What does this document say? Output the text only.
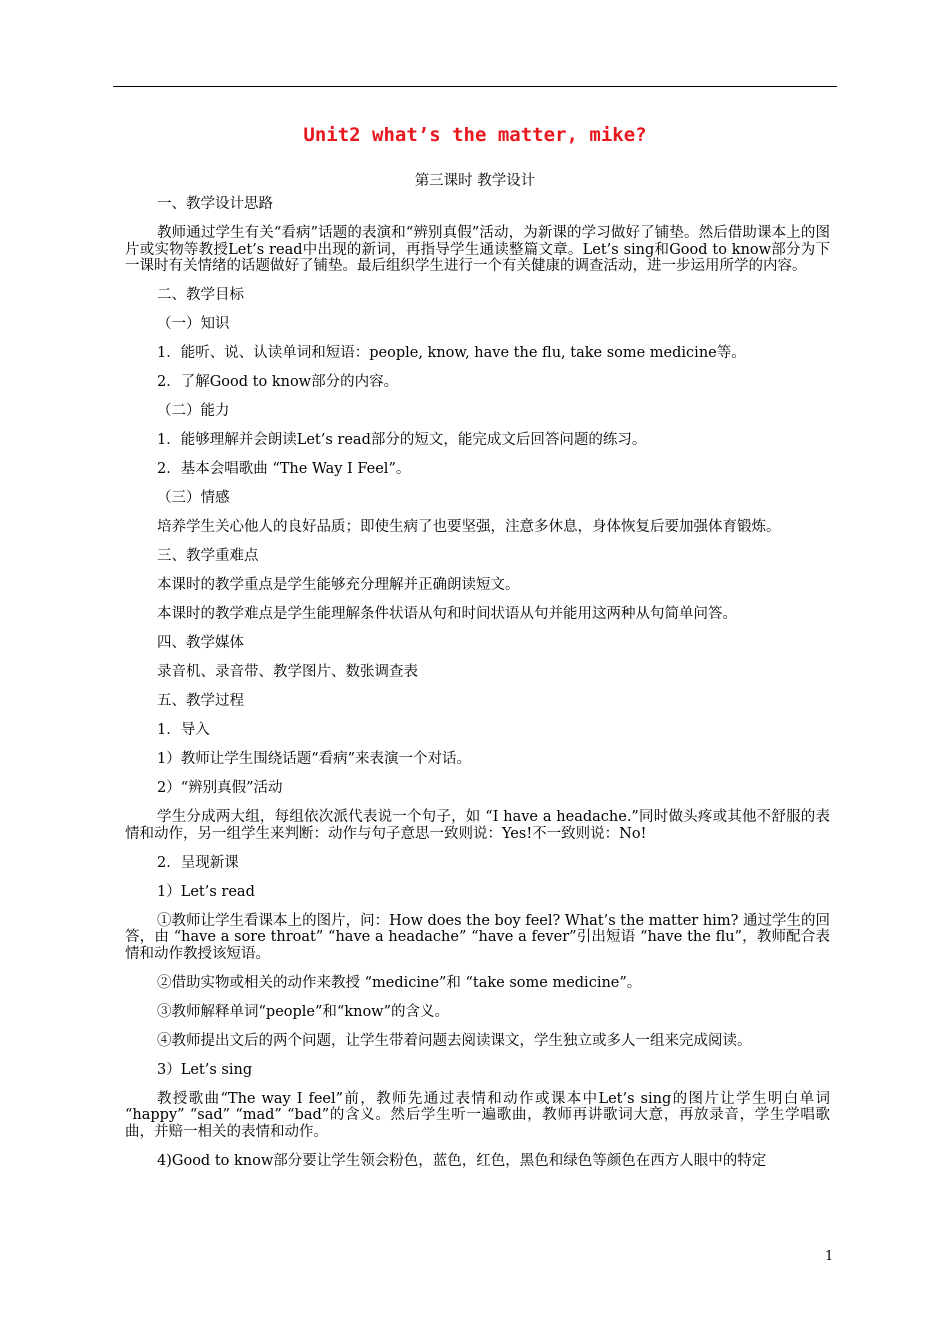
Unit2 what’s the matter, mike?
第三课时 教学设计

一、教学设计思路

教师通过学生有关“看病”话题的表演和“辨别真假”活动，为新课的学习做好了铺垫。然后借助课本上的图片或实物等教授Let’s read中出现的新词，再指导学生通读整篇文章。Let’s sing和Good to know部分为下一课时有关情绪的话题做好了铺垫。最后组织学生进行一个有关健康的调查活动，进一步运用所学的内容。

二、教学目标

（一）知识

1．能听、说、认读单词和短语：people, know, have the flu, take some medicine等。

2．了解Good to know部分的内容。

（二）能力

1．能够理解并会朗读Let’s read部分的短文，能完成文后回答问题的练习。

2．基本会唱歌曲 “The Way I Feel”。

（三）情感

培养学生关心他人的良好品质；即使生病了也要坚强，注意多休息，身体恢复后要加强体育锻炼。

三、教学重难点

本课时的教学重点是学生能够充分理解并正确朗读短文。

本课时的教学难点是学生能理解条件状语从句和时间状语从句并能用这两种从句简单问答。

四、教学媒体

录音机、录音带、教学图片、数张调查表

五、教学过程

1．导入

1）教师让学生围绕话题“看病”来表演一个对话。

2）“辨别真假”活动

学生分成两大组，每组依次派代表说一个句子，如 “I have a headache.”同时做头疼或其他不舒服的表情和动作，另一组学生来判断：动作与句子意思一致则说：Yes!不一致则说：No!

2．呈现新课

1）Let’s read

①教师让学生看课本上的图片，问：How does the boy feel? What’s the matter him? 通过学生的回答，由 “have a sore throat” “have a headache” “have a fever”引出短语 “have the flu”，教师配合表情和动作教授该短语。

②借助实物或相关的动作来教授 “medicine”和 “take some medicine”。

③教师解释单词“people”和“know”的含义。

④教师提出文后的两个问题，让学生带着问题去阅读课文，学生独立或多人一组来完成阅读。

3）Let’s sing

教授歌曲“The way I feel”前，教师先通过表情和动作或课本中Let’s sing的图片让学生明白单词 “happy” “sad” “mad” “bad”的含义。然后学生听一遍歌曲，教师再讲歌词大意，再放录音，学生学唱歌曲，并赔一相关的表情和动作。

4)Good to know部分要让学生领会粉色，蓝色，红色，黑色和绿色等颜色在西方人眼中的特定

1
